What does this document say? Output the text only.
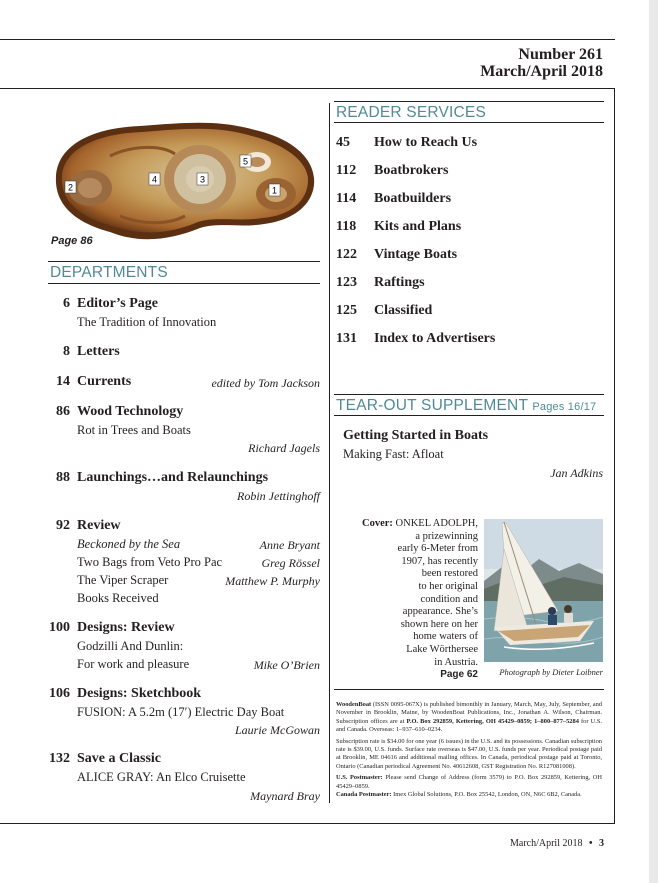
Number 261
March/April 2018
1
2
3
4
5
Page 86
DEPARTMENTS
6 Editor’s Page
The Tradition of Innovation
8 Letters
14 Currents	edited by Tom Jackson
86 Wood Technology
Rot in Trees and Boats
Richard Jagels
88 Launchings…and Relaunchings
Robin Jettinghoff
92 Review
Beckoned by the Sea	Anne Bryant
Two Bags from Veto Pro Pac	Greg Rössel
The Viper Scraper	Matthew P. Murphy
Books Received
100 Designs: Review
Godzilli And Dunlin:
For work and pleasure	Mike O’Brien
106 Designs: Sketchbook
FUSION: A 5.2m (17′) Electric Day Boat
Laurie McGowan
132 Save a Classic
ALICE GRAY: An Elco Cruisette
Maynard Bray
READER SERVICES
45 How to Reach Us
112 Boatbrokers
114 Boatbuilders
118 Kits and Plans
122 Vintage Boats
123 Raftings
125 Classified
131 Index to Advertisers
TEAR-OUT SUPPLEMENT Pages 16/17
Getting Started in Boats
Making Fast: Afloat
Jan Adkins
Cover: ONKEL ADOLPH,
a prizewinning
early 6-Meter from
1907, has recently
been restored
to her original
condition and
appearance. She’s
shown here on her
home waters of
Lake Wörthersee
in Austria.
Page 62	Photograph by Dieter Loibner
WoodenBoat (ISSN 0095-067X) is published bimonthly in January, March, May, July, September, and November in Brooklin, Maine, by WoodenBoat Publications, Inc., Jonathan A. Wilson, Chairman. Subscription offices are at P.O. Box 292859, Kettering, OH 45429–0859; 1–800–877–5284 for U.S. and Canada. Overseas: 1–937–610–0234.
Subscription rate is $34.00 for one year (6 issues) in the U.S. and its possessions. Canadian subscription rate is $39.00, U.S. funds. Surface rate overseas is $47.00, U.S. funds per year. Periodical postage paid at Brooklin, ME 04616 and additional mailing offices. In Canada, periodical postage paid at Toronto, Ontario (Canadian periodical Agreement No. 40612608, GST Registration No. R127081008).
U.S. Postmaster: Please send Change of Address (form 3579) to P.O. Box 292859, Kettering, OH 45429–0859.
Canada Postmaster: Imex Global Solutions, P.O. Box 25542, London, ON, N6C 6B2, Canada.
March/April 2018 • 3
